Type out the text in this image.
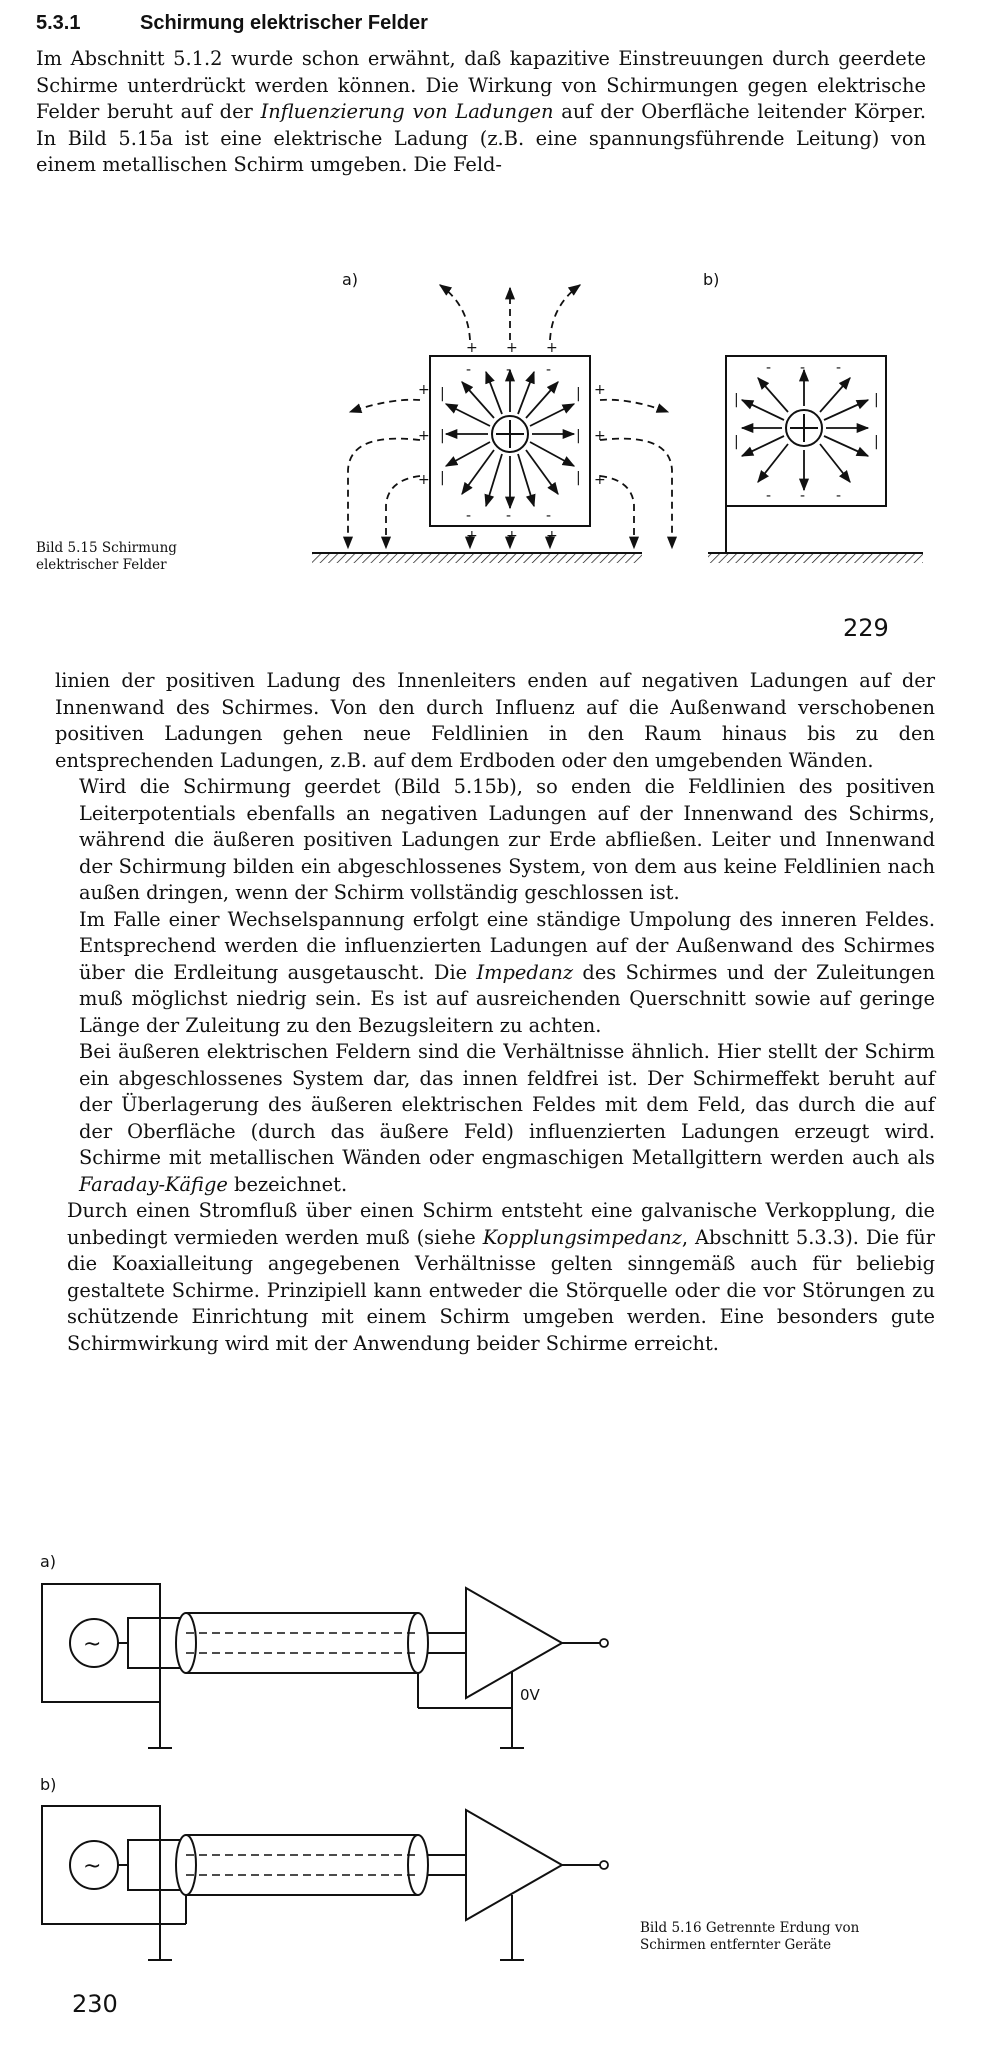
5.3.1	Schirmung elektrischer Felder

Im Abschnitt 5.1.2 wurde schon erwähnt, daß kapazitive Einstreuungen durch geerdete Schirme unterdrückt werden können. Die Wirkung von Schirmungen gegen elektrische Felder beruht auf der Influenzierung von Ladungen auf der Oberfläche leitender Körper. In Bild 5.15a ist eine elektrische Ladung (z.B. eine spannungsführende Leitung) von einem metallischen Schirm umgeben. Die Feld-

a)	b)
+ + +
+
+
+
+
+
+
+ + +
- - -
|
|
|
|
|
|
- - -
- - -
|
|
|
|
- - -
Bild 5.15 Schirmung
elektrischer Felder
229
linien der positiven Ladung des Innenleiters enden auf negativen Ladungen auf der Innenwand des Schirmes. Von den durch Influenz auf die Außenwand verschobenen positiven Ladungen gehen neue Feldlinien in den Raum hinaus bis zu den entsprechenden Ladungen, z.B. auf dem Erdboden oder den umgebenden Wänden.
Wird die Schirmung geerdet (Bild 5.15b), so enden die Feldlinien des positiven Leiterpotentials ebenfalls an negativen Ladungen auf der Innenwand des Schirms, während die äußeren positiven Ladungen zur Erde abfließen. Leiter und Innenwand der Schirmung bilden ein abgeschlossenes System, von dem aus keine Feldlinien nach außen dringen, wenn der Schirm vollständig geschlossen ist.
Im Falle einer Wechselspannung erfolgt eine ständige Umpolung des inneren Feldes. Entsprechend werden die influenzierten Ladungen auf der Außenwand des Schirmes über die Erdleitung ausgetauscht. Die Impedanz des Schirmes und der Zuleitungen muß möglichst niedrig sein. Es ist auf ausreichenden Querschnitt sowie auf geringe Länge der Zuleitung zu den Bezugsleitern zu achten.
Bei äußeren elektrischen Feldern sind die Verhältnisse ähnlich. Hier stellt der Schirm ein abgeschlossenes System dar, das innen feldfrei ist. Der Schirmeffekt beruht auf der Überlagerung des äußeren elektrischen Feldes mit dem Feld, das durch die auf der Oberfläche (durch das äußere Feld) influenzierten Ladungen erzeugt wird. Schirme mit metallischen Wänden oder engmaschigen Metallgittern werden auch als Faraday-Käfige bezeichnet.
Durch einen Stromfluß über einen Schirm entsteht eine galvanische Verkopplung, die unbedingt vermieden werden muß (siehe Kopplungsimpedanz, Abschnitt 5.3.3). Die für die Koaxialleitung angegebenen Verhältnisse gelten sinngemäß auch für beliebig gestaltete Schirme. Prinzipiell kann entweder die Störquelle oder die vor Störungen zu schützende Einrichtung mit einem Schirm umgeben werden. Eine besonders gute Schirmwirkung wird mit der Anwendung beider Schirme erreicht.
a)
b)
~
0V
~
Bild 5.16 Getrennte Erdung von
Schirmen entfernter Geräte
230
